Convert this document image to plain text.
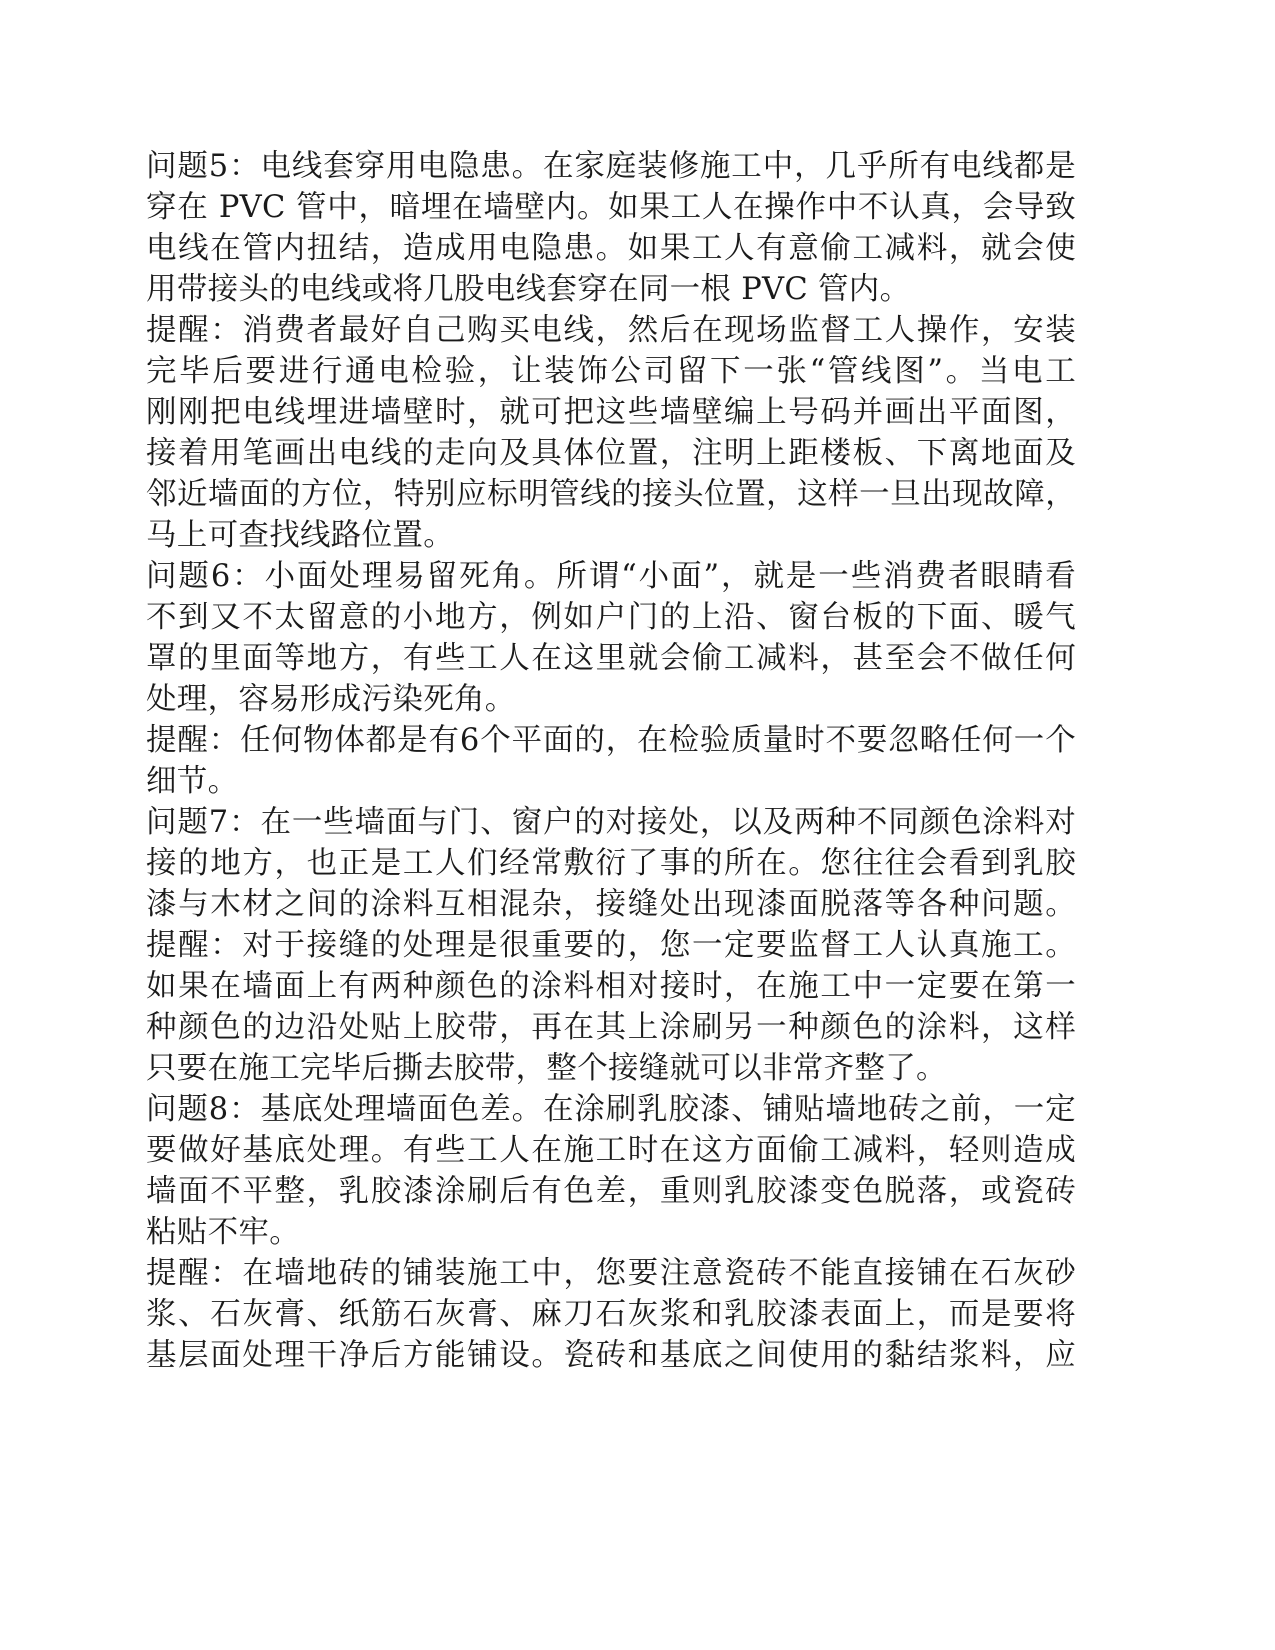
问题5：电线套穿用电隐患。在家庭装修施工中，几乎所有电线都是
穿在 PVC 管中，暗埋在墙壁内。如果工人在操作中不认真，会导致
电线在管内扭结，造成用电隐患。如果工人有意偷工减料，就会使
用带接头的电线或将几股电线套穿在同一根 PVC 管内。
提醒：消费者最好自己购买电线，然后在现场监督工人操作，安装
完毕后要进行通电检验，让装饰公司留下一张“管线图”。当电工
刚刚把电线埋进墙壁时，就可把这些墙壁编上号码并画出平面图，
接着用笔画出电线的走向及具体位置，注明上距楼板、下离地面及
邻近墙面的方位，特别应标明管线的接头位置，这样一旦出现故障，
马上可查找线路位置。
问题6：小面处理易留死角。所谓“小面”，就是一些消费者眼睛看
不到又不太留意的小地方，例如户门的上沿、窗台板的下面、暖气
罩的里面等地方，有些工人在这里就会偷工减料，甚至会不做任何
处理，容易形成污染死角。
提醒：任何物体都是有6个平面的，在检验质量时不要忽略任何一个
细节。
问题7：在一些墙面与门、窗户的对接处，以及两种不同颜色涂料对
接的地方，也正是工人们经常敷衍了事的所在。您往往会看到乳胶
漆与木材之间的涂料互相混杂，接缝处出现漆面脱落等各种问题。
提醒：对于接缝的处理是很重要的，您一定要监督工人认真施工。
如果在墙面上有两种颜色的涂料相对接时，在施工中一定要在第一
种颜色的边沿处贴上胶带，再在其上涂刷另一种颜色的涂料，这样
只要在施工完毕后撕去胶带，整个接缝就可以非常齐整了。
问题8：基底处理墙面色差。在涂刷乳胶漆、铺贴墙地砖之前，一定
要做好基底处理。有些工人在施工时在这方面偷工减料，轻则造成
墙面不平整，乳胶漆涂刷后有色差，重则乳胶漆变色脱落，或瓷砖
粘贴不牢。
提醒：在墙地砖的铺装施工中，您要注意瓷砖不能直接铺在石灰砂
浆、石灰膏、纸筋石灰膏、麻刀石灰浆和乳胶漆表面上，而是要将
基层面处理干净后方能铺设。瓷砖和基底之间使用的黏结浆料，应
